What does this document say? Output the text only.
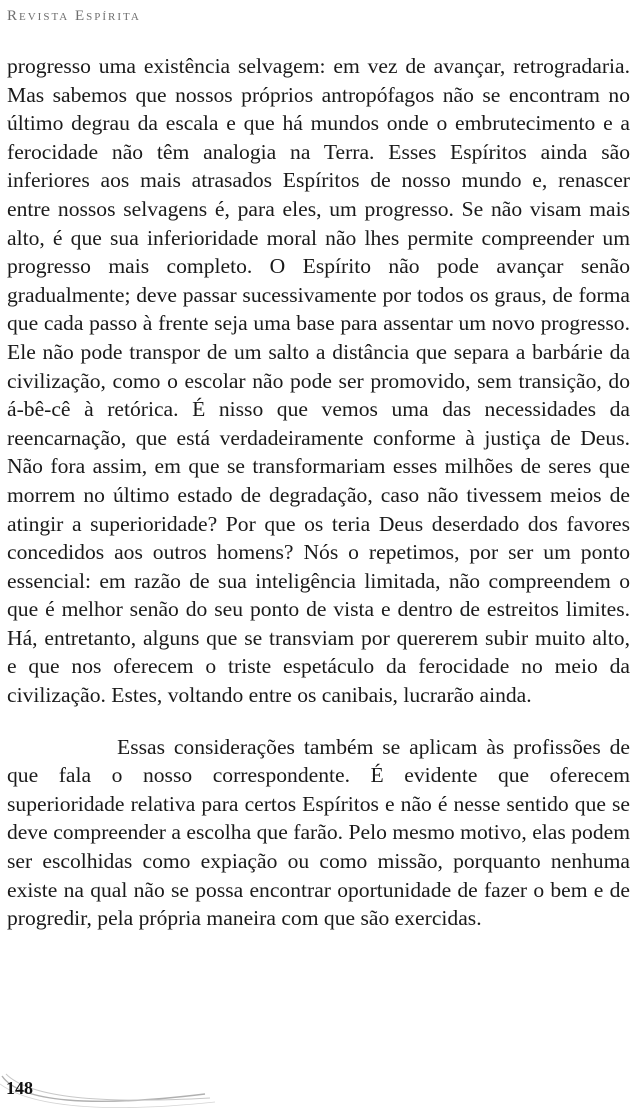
Revista Espírita

progresso uma existência selvagem: em vez de avançar, retrogradaria. Mas sabemos que nossos próprios antropófagos não se encontram no último degrau da escala e que há mundos onde o embrutecimento e a ferocidade não têm analogia na Terra. Esses Espíritos ainda são inferiores aos mais atrasados Espíritos de nosso mundo e, renascer entre nossos selvagens é, para eles, um progresso. Se não visam mais alto, é que sua inferioridade moral não lhes permite compreender um progresso mais completo. O Espírito não pode avançar senão gradualmente; deve passar sucessivamente por todos os graus, de forma que cada passo à frente seja uma base para assentar um novo progresso. Ele não pode transpor de um salto a distância que separa a barbárie da civilização, como o escolar não pode ser promovido, sem transição, do á-bê-cê à retórica. É nisso que vemos uma das necessidades da reencarnação, que está verdadeiramente conforme à justiça de Deus. Não fora assim, em que se transformariam esses milhões de seres que morrem no último estado de degradação, caso não tivessem meios de atingir a superioridade? Por que os teria Deus deserdado dos favores concedidos aos outros homens? Nós o repetimos, por ser um ponto essencial: em razão de sua inteligência limitada, não compreendem o que é melhor senão do seu ponto de vista e dentro de estreitos limites. Há, entretanto, alguns que se transviam por quererem subir muito alto, e que nos oferecem o triste espetáculo da ferocidade no meio da civilização. Estes, voltando entre os canibais, lucrarão ainda.

Essas considerações também se aplicam às profissões de que fala o nosso correspondente. É evidente que oferecem superioridade relativa para certos Espíritos e não é nesse sentido que se deve compreender a escolha que farão. Pelo mesmo motivo, elas podem ser escolhidas como expiação ou como missão, porquanto nenhuma existe na qual não se possa encontrar oportunidade de fazer o bem e de progredir, pela própria maneira com que são exercidas.

148
